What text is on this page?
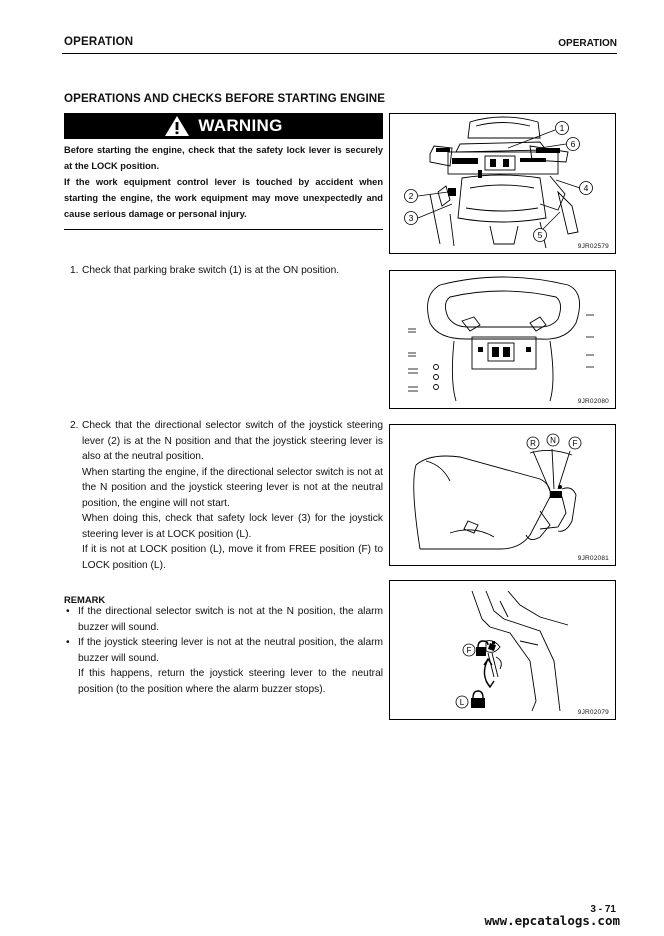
OPERATION	OPERATION
OPERATIONS AND CHECKS BEFORE STARTING ENGINE
WARNING

Before starting the engine, check that the safety lock lever is securely at the LOCK position.

If the work equipment control lever is touched by accident when starting the engine, the work equipment may move unexpectedly and cause serious damage or personal injury.

1. Check that parking brake switch (1) is at the ON position.

2. Check that the directional selector switch of the joystick steering lever (2) is at the N position and that the joystick steering lever is also at the neutral position.

When starting the engine, if the directional selector switch is not at the N position and the joystick steering lever is not at the neutral position, the engine will not start.

When doing this, check that safety lock lever (3) for the joystick steering lever is at LOCK position (L).

If it is not at LOCK position (L), move it from FREE position (F) to LOCK position (L).

REMARK
• If the directional selector switch is not at the N position, the alarm buzzer will sound.

• If the joystick steering lever is not at the neutral position, the alarm buzzer will sound.

If this happens, return the joystick steering lever to the neutral position (to the position where the alarm buzzer stops).

1
2
3
4
5
6
9JR02579
9JR02080
R N F
9JR02081
F
L
9JR02079
3 - 71
www.epcatalogs.com
